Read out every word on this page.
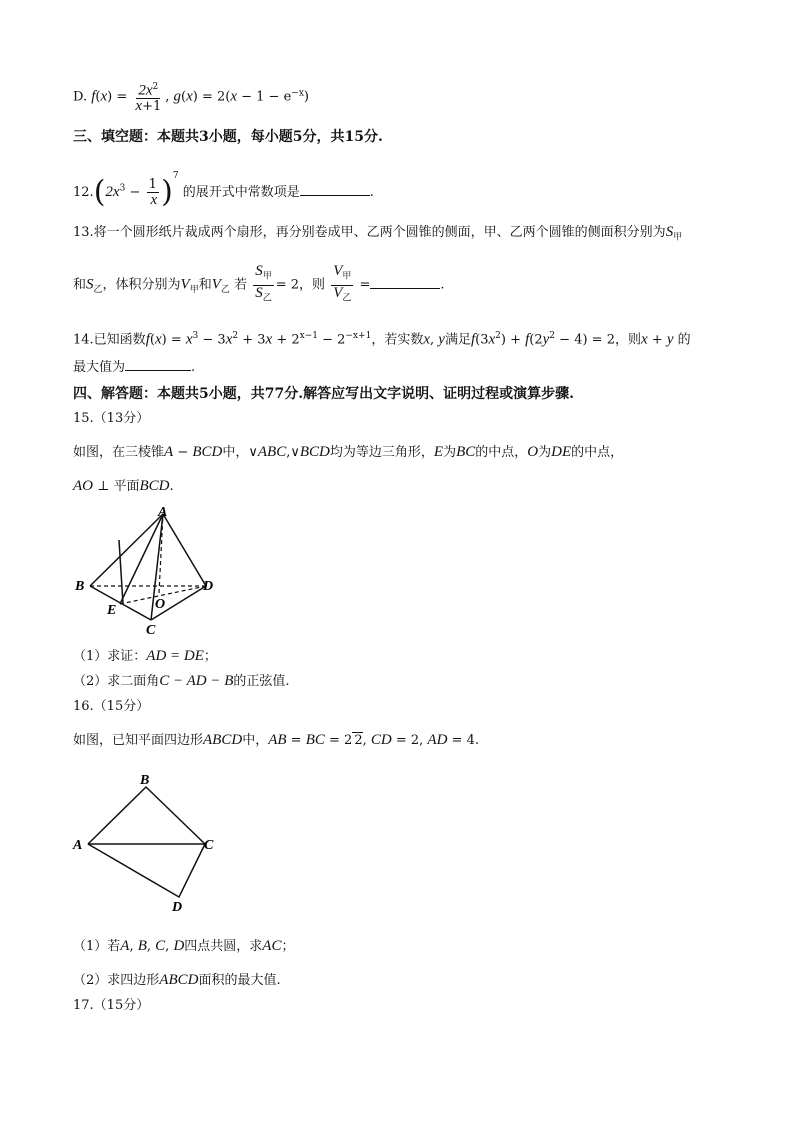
D. $f(x) = \frac{2x^2}{x+1}$ , $g(x) = 2(x - 1 - e^{-x})$
三、填空题：本题共3小题，每小题5分，共15分.
$12.(2x^3 - \frac{1}{x} )^7$ 的展开式中常数项是	.
13.将一个圆形纸片裁成两个扇形，再分别卷成甲、乙两个圆锥的侧面，甲、乙两个圆锥的侧面积分别为$S_甲$
和$S_乙$，体积分别为$V_甲$和$V_乙$ 若 $\frac{S_甲}{S_乙} = 2$，则 $\frac{V_甲}{V_乙}$ =	.
14.已知函数$f(x) = x^3 - 3x^2 + 3x + 2^{x-1} - 2^{-x+1}$，若实数x, y满足$f(3x^2) + f(2y^2 - 4) = 2$，则x + y 的
最大值为	.
四、解答题：本题共5小题，共77分.解答应写出文字说明、证明过程或演算步骤.
15.（13分）
如图，在三棱锥A − BCD中，∨ABC,∨BCD均为等边三角形，E为BC的中点，O为DE的中点，
AO ⊥ 平面BCD.
A
B
C
D
E	O
（1）求证：AD = DE；
（2）求二面角C − AD − B的正弦值.
16.（15分）
如图，已知平面四边形ABCD中，AB = BC = 2 2, CD = 2, AD = 4.
B
A	C
D
（1）若A, B, C, D四点共圆，求AC；
（2）求四边形ABCD面积的最大值.
17.（15分）
